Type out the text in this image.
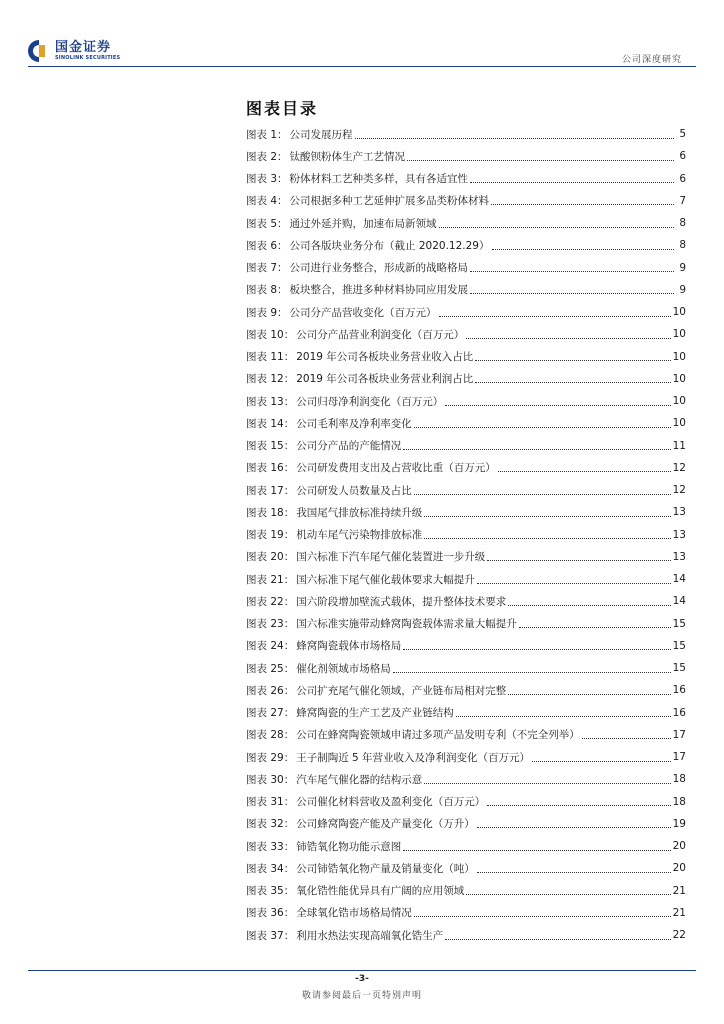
国金证券
SINOLINK SECURITIES	公司深度研究
图表目录
图表 1： 公司发展历程	5
图表 2： 钛酸钡粉体生产工艺情况	6
图表 3： 粉体材料工艺种类多样，具有各适宜性	6
图表 4： 公司根据多种工艺延伸扩展多品类粉体材料	7
图表 5： 通过外延并购，加速布局新领域	8
图表 6： 公司各版块业务分布（截止 2020.12.29）	8
图表 7： 公司进行业务整合，形成新的战略格局	9
图表 8： 板块整合，推进多种材料协同应用发展	9
图表 9： 公司分产品营收变化（百万元）	10
图表 10： 公司分产品营业利润变化（百万元）	10
图表 11： 2019 年公司各板块业务营业收入占比	10
图表 12： 2019 年公司各板块业务营业利润占比	10
图表 13： 公司归母净利润变化（百万元）	10
图表 14： 公司毛利率及净利率变化	10
图表 15： 公司分产品的产能情况	11
图表 16： 公司研发费用支出及占营收比重（百万元）	12
图表 17： 公司研发人员数量及占比	12
图表 18： 我国尾气排放标准持续升级	13
图表 19： 机动车尾气污染物排放标准	13
图表 20： 国六标准下汽车尾气催化装置进一步升级	13
图表 21： 国六标准下尾气催化载体要求大幅提升	14
图表 22： 国六阶段增加壁流式载体，提升整体技术要求	14
图表 23： 国六标准实施带动蜂窝陶瓷载体需求量大幅提升	15
图表 24： 蜂窝陶瓷载体市场格局	15
图表 25： 催化剂领域市场格局	15
图表 26： 公司扩充尾气催化领域，产业链布局相对完整	16
图表 27： 蜂窝陶瓷的生产工艺及产业链结构	16
图表 28： 公司在蜂窝陶瓷领域申请过多项产品发明专利（不完全列举）	17
图表 29： 王子制陶近 5 年营业收入及净利润变化（百万元）	17
图表 30： 汽车尾气催化器的结构示意	18
图表 31： 公司催化材料营收及盈利变化（百万元）	18
图表 32： 公司蜂窝陶瓷产能及产量变化（万升）	19
图表 33： 铈锆氧化物功能示意图	20
图表 34： 公司铈锆氧化物产量及销量变化（吨）	20
图表 35： 氧化锆性能优异具有广阔的应用领域	21
图表 36： 全球氧化锆市场格局情况	21
图表 37： 利用水热法实现高端氧化锆生产	22
-3-
敬请参阅最后一页特别声明
